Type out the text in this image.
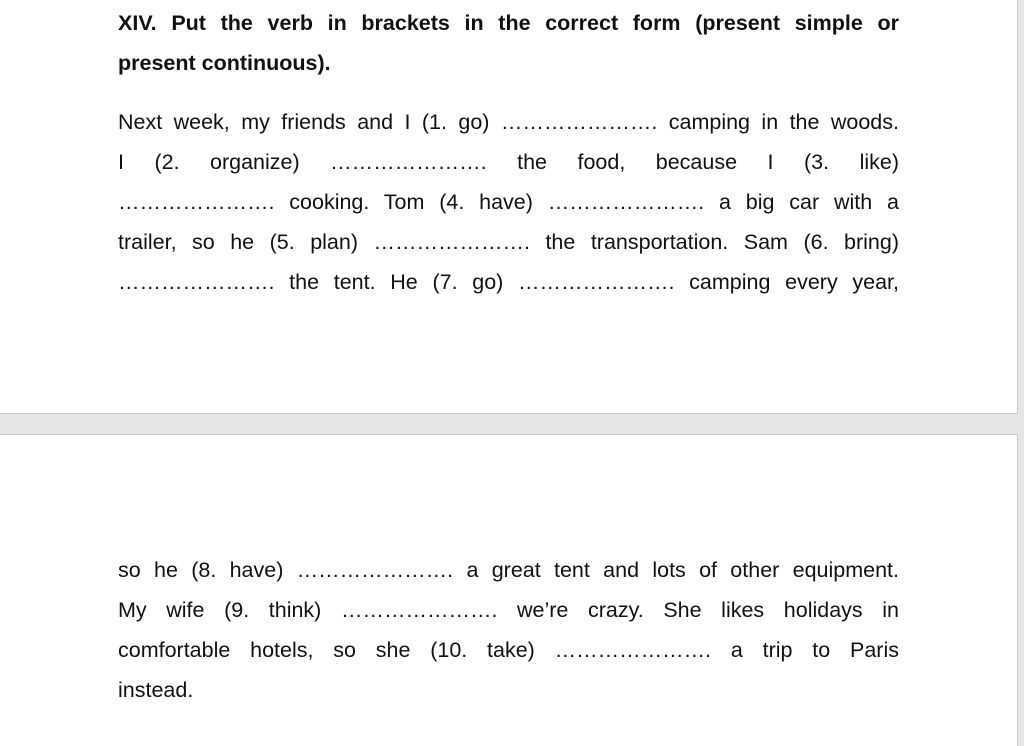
XIV. Put the verb in brackets in the correct form (present simple or
present continuous).
Next week, my friends and I (1. go) …………………. camping in the woods.
I (2. organize) …………………. the food, because I (3. like)
…………………. cooking. Tom (4. have) …………………. a big car with a
trailer, so he (5. plan) …………………. the transportation. Sam (6. bring)
…………………. the tent. He (7. go) …………………. camping every year,
so he (8. have) …………………. a great tent and lots of other equipment.
My wife (9. think) …………………. we’re crazy. She likes holidays in
comfortable hotels, so she (10. take) …………………. a trip to Paris
instead.
